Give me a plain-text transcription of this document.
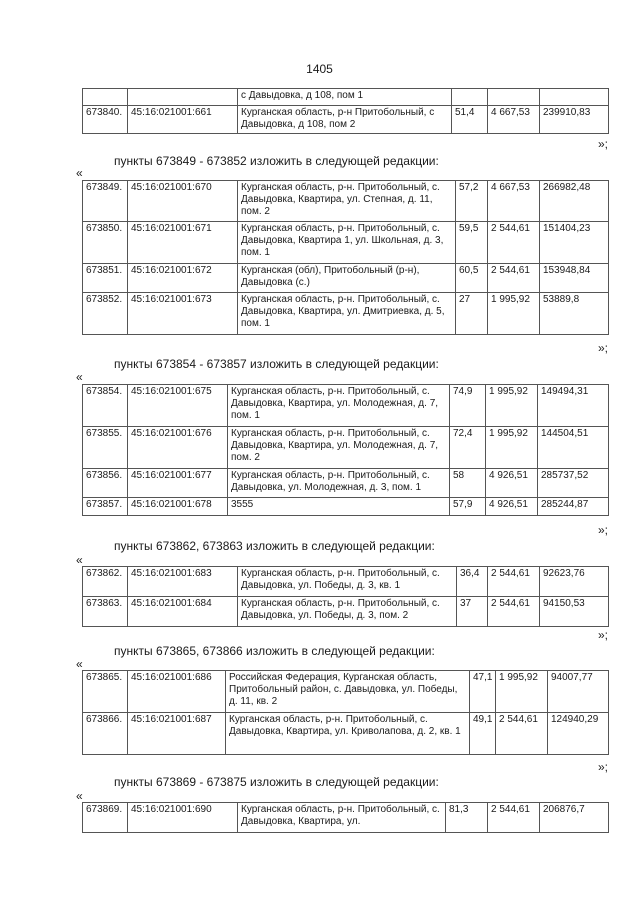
1405
		с Давыдовка, д 108, пом 1			
673840.	45:16:021001:661	Курганская область, р-н Притобольный, с Давыдовка, д 108, пом 2	51,4	4 667,53	239910,83
»;
пункты 673849 - 673852 изложить в следующей редакции:
«
673849.	45:16:021001:670	Курганская область, р-н. Притобольный, с. Давыдовка, Квартира, ул. Степная, д. 11, пом. 2	57,2	4 667,53	266982,48
673850.	45:16:021001:671	Курганская область, р-н. Притобольный, с. Давыдовка, Квартира 1, ул. Школьная, д. 3, пом. 1	59,5	2 544,61	151404,23
673851.	45:16:021001:672	Курганская (обл), Притобольный (р-н), Давыдовка (с.)	60,5	2 544,61	153948,84
673852.	45:16:021001:673	Курганская область, р-н. Притобольный, с. Давыдовка, Квартира, ул. Дмитриевка, д. 5, пом. 1	27	1 995,92	53889,8
»;
пункты 673854 - 673857 изложить в следующей редакции:
«
673854.	45:16:021001:675	Курганская область, р-н. Притобольный, с. Давыдовка, Квартира, ул. Молодежная, д. 7, пом. 1	74,9	1 995,92	149494,31
673855.	45:16:021001:676	Курганская область, р-н. Притобольный, с. Давыдовка, Квартира, ул. Молодежная, д. 7, пом. 2	72,4	1 995,92	144504,51
673856.	45:16:021001:677	Курганская область, р-н. Притобольный, с. Давыдовка, ул. Молодежная, д. 3, пом. 1	58	4 926,51	285737,52
673857.	45:16:021001:678	3555	57,9	4 926,51	285244,87
»;
пункты 673862, 673863 изложить в следующей редакции:
«
673862.	45:16:021001:683	Курганская область, р-н. Притобольный, с. Давыдовка, ул. Победы, д. 3, кв. 1	36,4	2 544,61	92623,76
673863.	45:16:021001:684	Курганская область, р-н. Притобольный, с. Давыдовка, ул. Победы, д. 3, пом. 2	37	2 544,61	94150,53
»;
пункты 673865, 673866 изложить в следующей редакции:
«
673865.	45:16:021001:686	Российская Федерация, Курганская область, Притобольный район, с. Давыдовка, ул. Победы, д. 11, кв. 2	47,1	1 995,92	94007,77
673866.	45:16:021001:687	Курганская область, р-н. Притобольный, с. Давыдовка, Квартира, ул. Криволапова, д. 2, кв. 1	49,1	2 544,61	124940,29
»;
пункты 673869 - 673875 изложить в следующей редакции:
«
673869.	45:16:021001:690	Курганская область, р-н. Притобольный, с. Давыдовка, Квартира, ул.	81,3	2 544,61	206876,7
